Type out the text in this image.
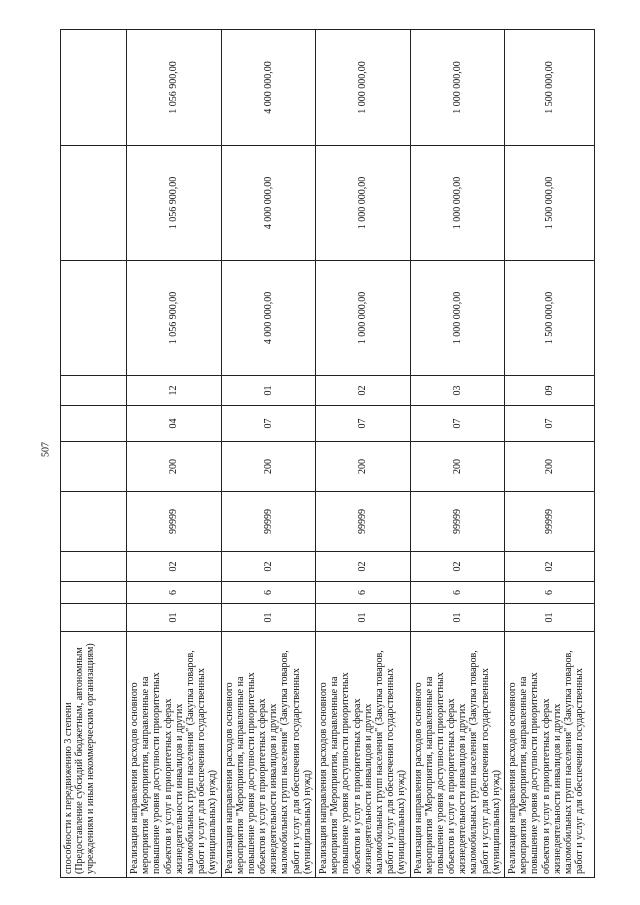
507
способности к передвижению 3 степени (Предоставление субсидий бюджетным, автономным учреждениям и иным некоммерческим организациям)										
Реализация направления расходов основного мероприятия "Мероприятия, направленные на повышение уровня доступности приоритетных объектов и услуг в приоритетных сферах жизнедеятельности инвалидов и других маломобильных групп населения" (Закупка товаров, работ и услуг для обеспечения государственных (муниципальных) нужд)	01	6	02	99999	200	04	12	1 056 900,00	1 056 900,00	1 056 900,00
Реализация направления расходов основного мероприятия "Мероприятия, направленные на повышение уровня доступности приоритетных объектов и услуг в приоритетных сферах жизнедеятельности инвалидов и других маломобильных групп населения" (Закупка товаров, работ и услуг для обеспечения государственных (муниципальных) нужд)	01	6	02	99999	200	07	01	4 000 000,00	4 000 000,00	4 000 000,00
Реализация направления расходов основного мероприятия "Мероприятия, направленные на повышение уровня доступности приоритетных объектов и услуг в приоритетных сферах жизнедеятельности инвалидов и других маломобильных групп населения" (Закупка товаров, работ и услуг для обеспечения государственных (муниципальных) нужд)	01	6	02	99999	200	07	02	1 000 000,00	1 000 000,00	1 000 000,00
Реализация направления расходов основного мероприятия "Мероприятия, направленные на повышение уровня доступности приоритетных объектов и услуг в приоритетных сферах жизнедеятельности инвалидов и других маломобильных групп населения" (Закупка товаров, работ и услуг для обеспечения государственных (муниципальных) нужд)	01	6	02	99999	200	07	03	1 000 000,00	1 000 000,00	1 000 000,00
Реализация направления расходов основного мероприятия "Мероприятия, направленные на повышение уровня доступности приоритетных объектов и услуг в приоритетных сферах жизнедеятельности инвалидов и других маломобильных групп населения" (Закупка товаров, работ и услуг для обеспечения государственных	01	6	02	99999	200	07	09	1 500 000,00	1 500 000,00	1 500 000,00
